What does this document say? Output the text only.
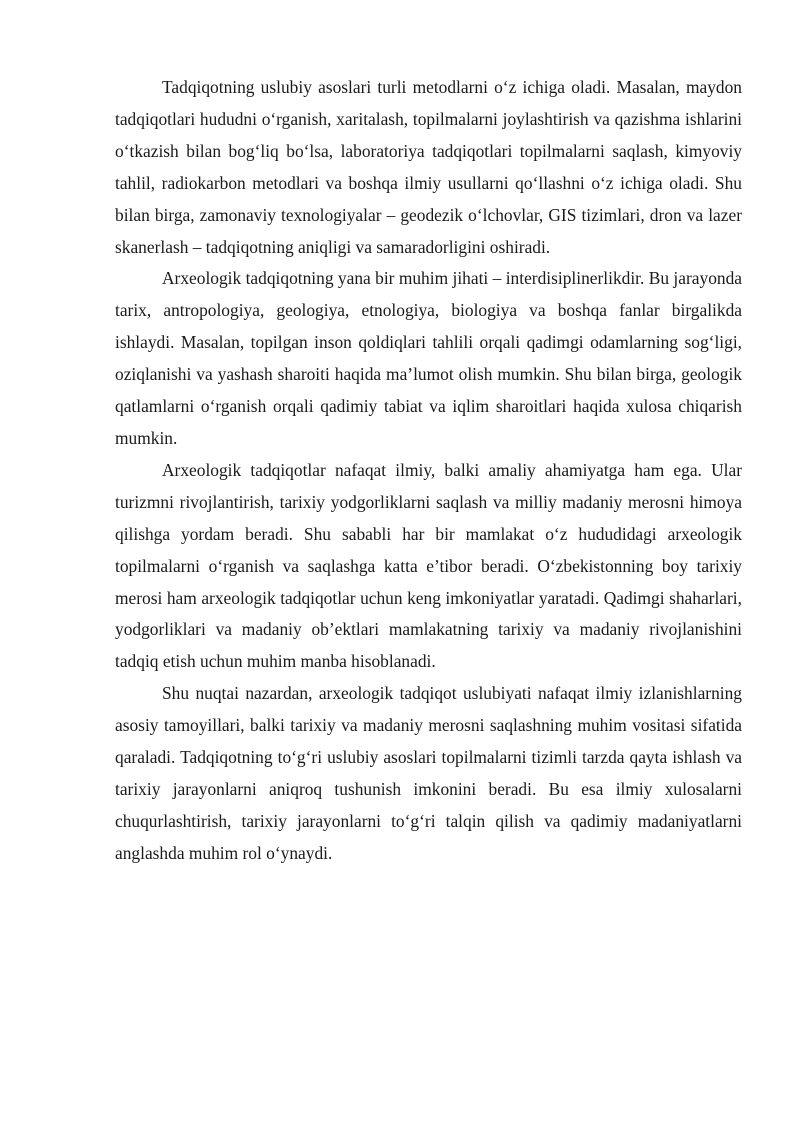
Tadqiqotning uslubiy asoslari turli metodlarni o‘z ichiga oladi. Masalan, maydon tadqiqotlari hududni o‘rganish, xaritalash, topilmalarni joylashtirish va qazishma ishlarini o‘tkazish bilan bog‘liq bo‘lsa, laboratoriya tadqiqotlari topilmalarni saqlash, kimyoviy tahlil, radiokarbon metodlari va boshqa ilmiy usullarni qo‘llashni o‘z ichiga oladi. Shu bilan birga, zamonaviy texnologiyalar – geodezik o‘lchovlar, GIS tizimlari, dron va lazer skanerlash – tadqiqotning aniqligi va samaradorligini oshiradi.

Arxeologik tadqiqotning yana bir muhim jihati – interdisiplinerlikdir. Bu jarayonda tarix, antropologiya, geologiya, etnologiya, biologiya va boshqa fanlar birgalikda ishlaydi. Masalan, topilgan inson qoldiqlari tahlili orqali qadimgi odamlarning sog‘ligi, oziqlanishi va yashash sharoiti haqida ma’lumot olish mumkin. Shu bilan birga, geologik qatlamlarni o‘rganish orqali qadimiy tabiat va iqlim sharoitlari haqida xulosa chiqarish mumkin.

Arxeologik tadqiqotlar nafaqat ilmiy, balki amaliy ahamiyatga ham ega. Ular turizmni rivojlantirish, tarixiy yodgorliklarni saqlash va milliy madaniy merosni himoya qilishga yordam beradi. Shu sababli har bir mamlakat o‘z hududidagi arxeologik topilmalarni o‘rganish va saqlashga katta e’tibor beradi. O‘zbekistonning boy tarixiy merosi ham arxeologik tadqiqotlar uchun keng imkoniyatlar yaratadi. Qadimgi shaharlari, yodgorliklari va madaniy ob’ektlari mamlakatning tarixiy va madaniy rivojlanishini tadqiq etish uchun muhim manba hisoblanadi.

Shu nuqtai nazardan, arxeologik tadqiqot uslubiyati nafaqat ilmiy izlanishlarning asosiy tamoyillari, balki tarixiy va madaniy merosni saqlashning muhim vositasi sifatida qaraladi. Tadqiqotning to‘g‘ri uslubiy asoslari topilmalarni tizimli tarzda qayta ishlash va tarixiy jarayonlarni aniqroq tushunish imkonini beradi. Bu esa ilmiy xulosalarni chuqurlashtirish, tarixiy jarayonlarni to‘g‘ri talqin qilish va qadimiy madaniyatlarni anglashda muhim rol o‘ynaydi.
